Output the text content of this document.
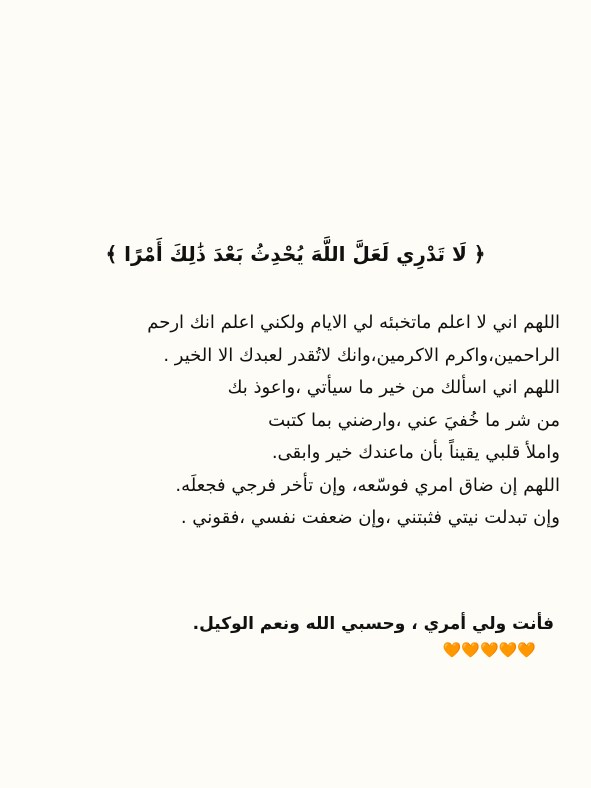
﴿ لَا تَدْرِي لَعَلَّ اللَّهَ يُحْدِثُ بَعْدَ ذَٰلِكَ أَمْرًا ﴾
اللهم اني لا اعلم ماتخبئه لي الايام ولكني اعلم انك ارحم
الراحمين،واكرم الاكرمين،وانك لاتُقدر لعبدك الا الخير .
اللهم اني اسألك من خير ما سيأتي ،واعوذ بك
من شر ما خُفيَ عني ،وارضني بما كتبت
واملأ قلبي يقيناً بأن ماعندك خير وابقى.
اللهم إن ضاق امري فوسّعه، وإن تأخر فرجي فجعلَه.
وإن تبدلت نيتي فثبتني ،وإن ضعفت نفسي ،فقوني .
فأنت ولي أمري ، وحسبي الله ونعم الوكيل.
🧡🧡🧡🧡🧡
